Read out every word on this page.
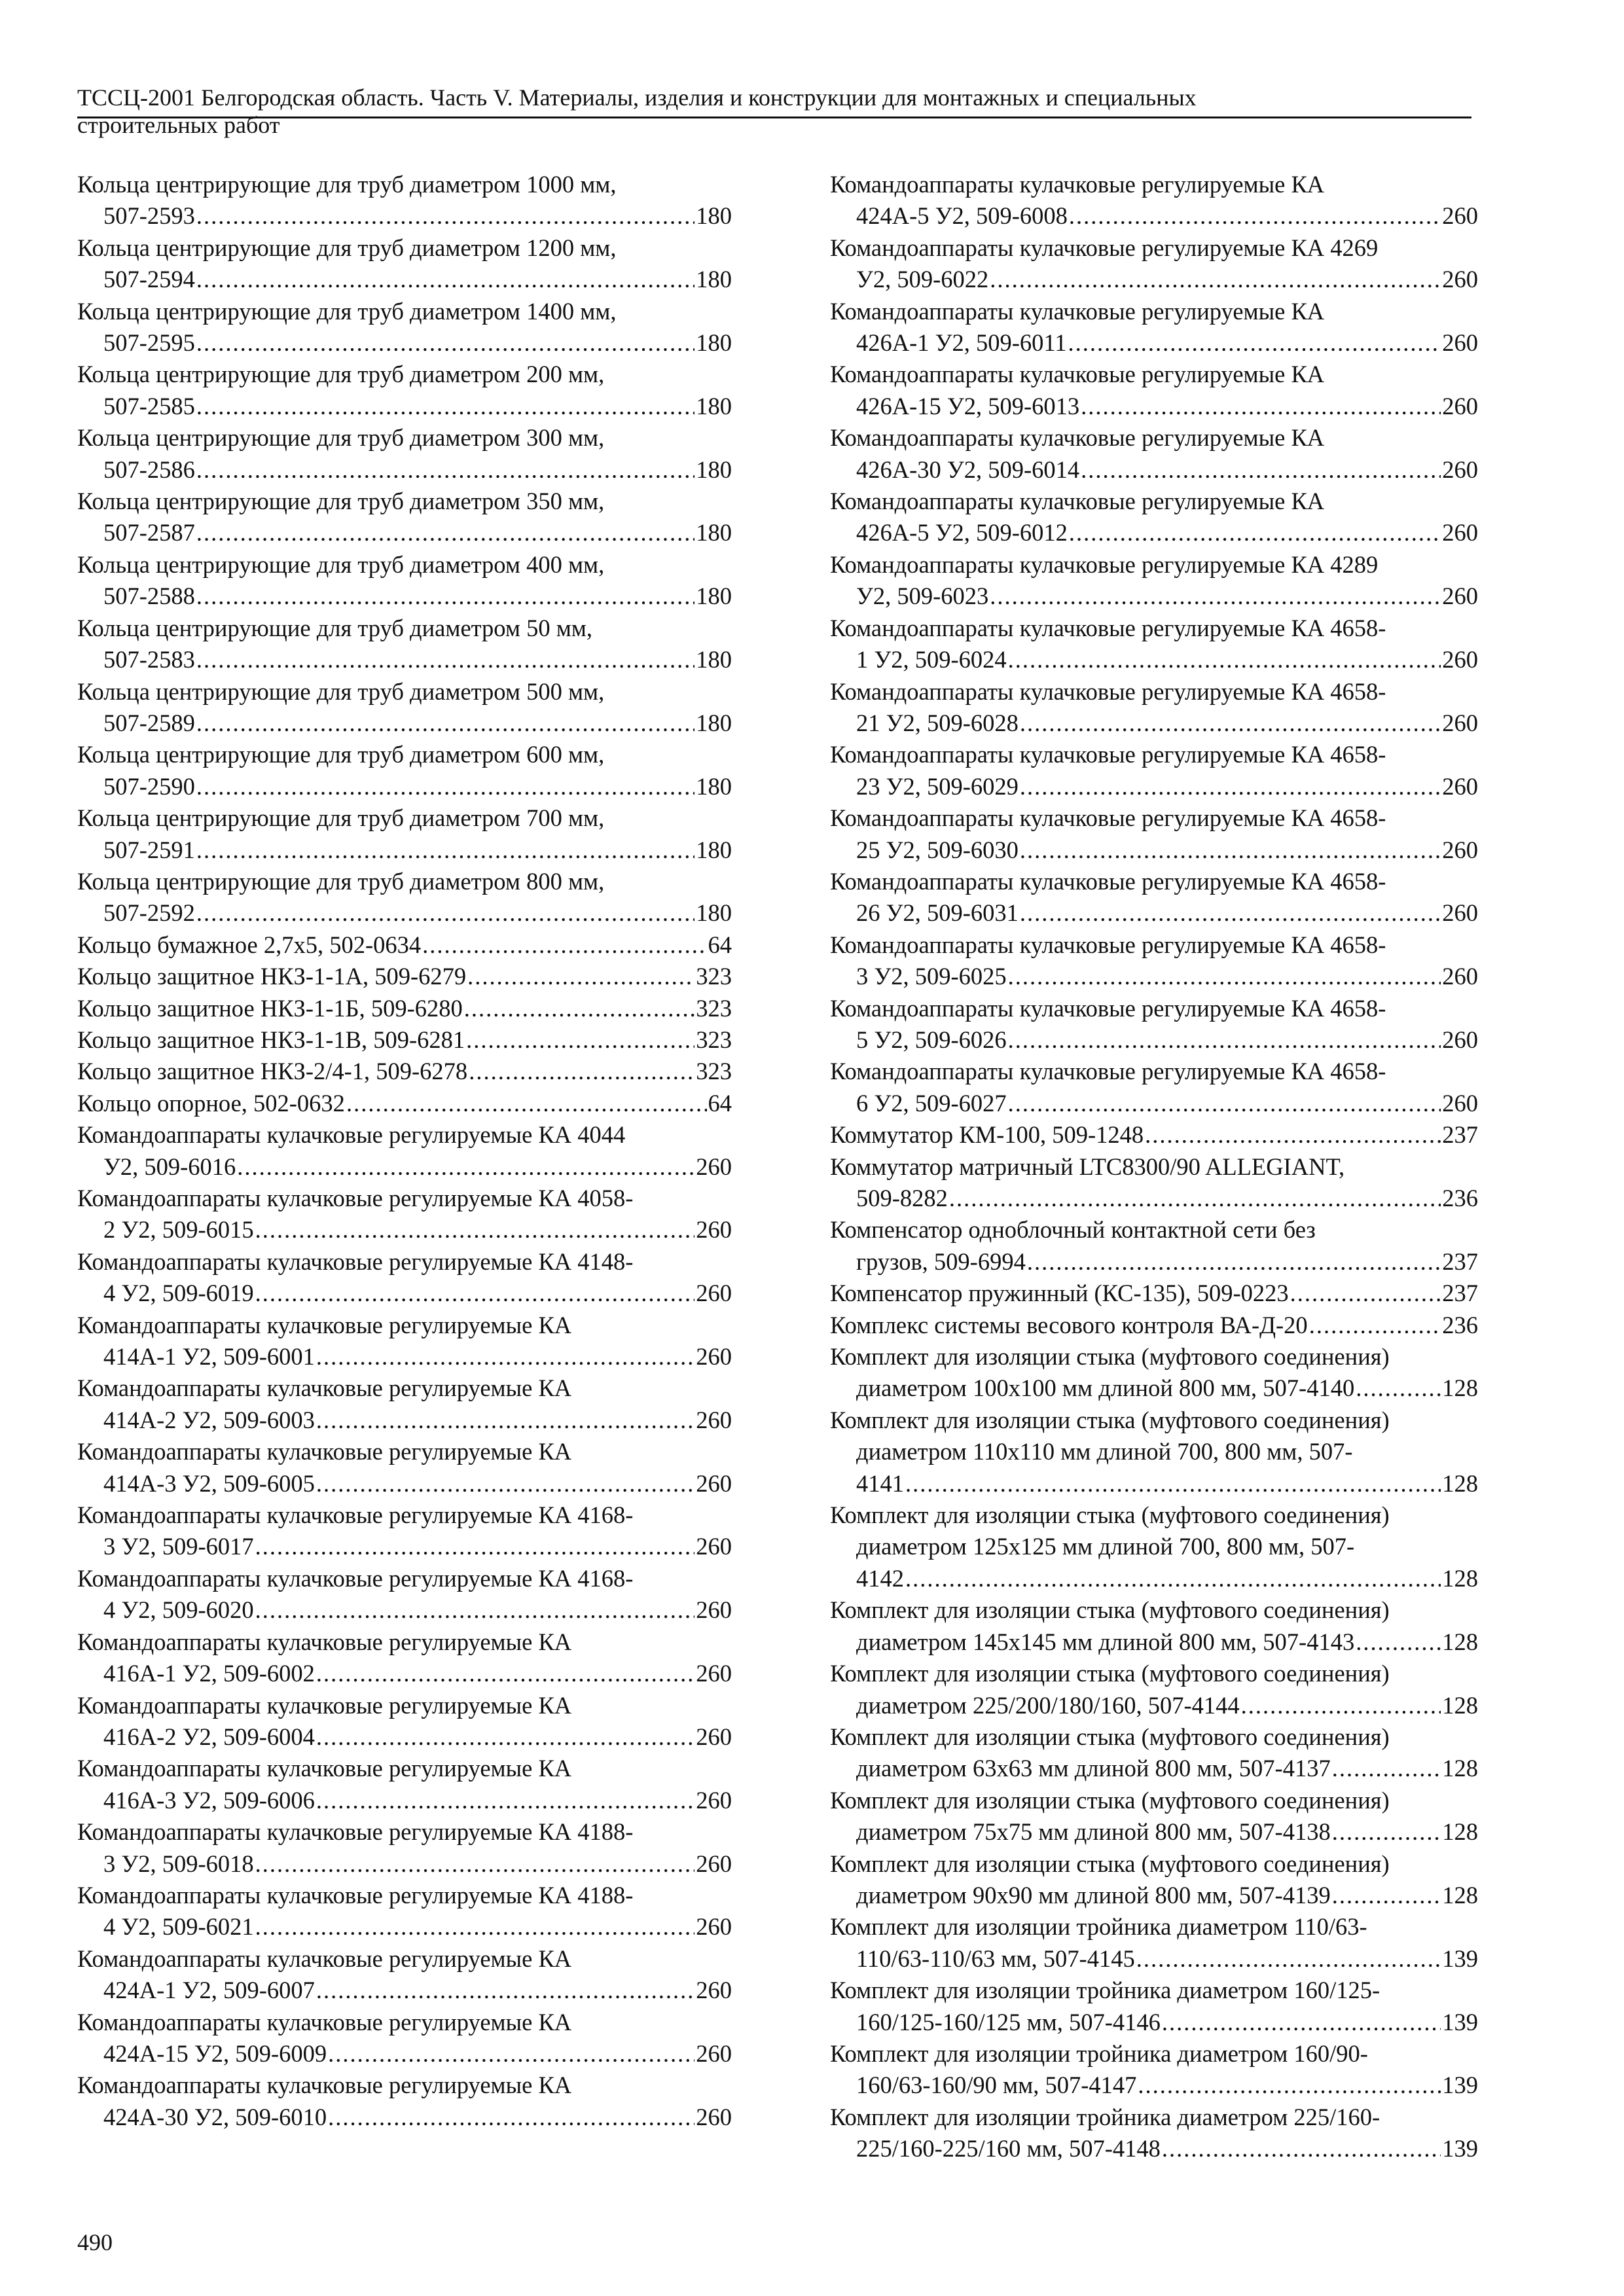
ТССЦ-2001 Белгородская область. Часть V. Материалы, изделия и конструкции для монтажных и специальных
строительных работ
Кольца центрирующие для труб диаметром 1000 мм,
507-2593 .....	180
Кольца центрирующие для труб диаметром 1200 мм,
507-2594 .....	180
Кольца центрирующие для труб диаметром 1400 мм,
507-2595 .....	180
Кольца центрирующие для труб диаметром 200 мм,
507-2585 .....	180
Кольца центрирующие для труб диаметром 300 мм,
507-2586 .....	180
Кольца центрирующие для труб диаметром 350 мм,
507-2587 .....	180
Кольца центрирующие для труб диаметром 400 мм,
507-2588 .....	180
Кольца центрирующие для труб диаметром 50 мм,
507-2583 .....	180
Кольца центрирующие для труб диаметром 500 мм,
507-2589 .....	180
Кольца центрирующие для труб диаметром 600 мм,
507-2590 .....	180
Кольца центрирующие для труб диаметром 700 мм,
507-2591 .....	180
Кольца центрирующие для труб диаметром 800 мм,
507-2592 .....	180
Кольцо бумажное 2,7х5, 502-0634 .....	64
Кольцо защитное НКЗ-1-1А, 509-6279 .....	323
Кольцо защитное НКЗ-1-1Б, 509-6280 .....	323
Кольцо защитное НКЗ-1-1В, 509-6281 .....	323
Кольцо защитное НКЗ-2/4-1, 509-6278 .....	323
Кольцо опорное, 502-0632 .....	64
Командоаппараты кулачковые регулируемые КА 4044
У2, 509-6016 .....	260
Командоаппараты кулачковые регулируемые КА 4058-
2 У2, 509-6015 .....	260
Командоаппараты кулачковые регулируемые КА 4148-
4 У2, 509-6019 .....	260
Командоаппараты кулачковые регулируемые КА
414А-1 У2, 509-6001 .....	260
Командоаппараты кулачковые регулируемые КА
414А-2 У2, 509-6003 .....	260
Командоаппараты кулачковые регулируемые КА
414А-3 У2, 509-6005 .....	260
Командоаппараты кулачковые регулируемые КА 4168-
3 У2, 509-6017 .....	260
Командоаппараты кулачковые регулируемые КА 4168-
4 У2, 509-6020 .....	260
Командоаппараты кулачковые регулируемые КА
416А-1 У2, 509-6002 .....	260
Командоаппараты кулачковые регулируемые КА
416А-2 У2, 509-6004 .....	260
Командоаппараты кулачковые регулируемые КА
416А-3 У2, 509-6006 .....	260
Командоаппараты кулачковые регулируемые КА 4188-
3 У2, 509-6018 .....	260
Командоаппараты кулачковые регулируемые КА 4188-
4 У2, 509-6021 .....	260
Командоаппараты кулачковые регулируемые КА
424А-1 У2, 509-6007 .....	260
Командоаппараты кулачковые регулируемые КА
424А-15 У2, 509-6009 .....	260
Командоаппараты кулачковые регулируемые КА
424А-30 У2, 509-6010 .....	260
Командоаппараты кулачковые регулируемые КА
424А-5 У2, 509-6008 .....	260
Командоаппараты кулачковые регулируемые КА 4269
У2, 509-6022 .....	260
Командоаппараты кулачковые регулируемые КА
426А-1 У2, 509-6011 .....	260
Командоаппараты кулачковые регулируемые КА
426А-15 У2, 509-6013 .....	260
Командоаппараты кулачковые регулируемые КА
426А-30 У2, 509-6014 .....	260
Командоаппараты кулачковые регулируемые КА
426А-5 У2, 509-6012 .....	260
Командоаппараты кулачковые регулируемые КА 4289
У2, 509-6023 .....	260
Командоаппараты кулачковые регулируемые КА 4658-
1 У2, 509-6024 .....	260
Командоаппараты кулачковые регулируемые КА 4658-
21 У2, 509-6028 .....	260
Командоаппараты кулачковые регулируемые КА 4658-
23 У2, 509-6029 .....	260
Командоаппараты кулачковые регулируемые КА 4658-
25 У2, 509-6030 .....	260
Командоаппараты кулачковые регулируемые КА 4658-
26 У2, 509-6031 .....	260
Командоаппараты кулачковые регулируемые КА 4658-
3 У2, 509-6025 .....	260
Командоаппараты кулачковые регулируемые КА 4658-
5 У2, 509-6026 .....	260
Командоаппараты кулачковые регулируемые КА 4658-
6 У2, 509-6027 .....	260
Коммутатор КМ-100, 509-1248 .....	237
Коммутатор матричный LTC8300/90 ALLEGIANT,
509-8282 .....	236
Компенсатор одноблочный контактной сети без
грузов, 509-6994 .....	237
Компенсатор пружинный (КС-135), 509-0223 .....	237
Комплекс системы весового контроля ВА-Д-20 .....	236
Комплект для изоляции стыка (муфтового соединения)
диаметром 100х100 мм длиной 800 мм, 507-4140 .....	128
Комплект для изоляции стыка (муфтового соединения)
диаметром 110х110 мм длиной 700, 800 мм, 507-
4141 .....	128
Комплект для изоляции стыка (муфтового соединения)
диаметром 125х125 мм длиной 700, 800 мм, 507-
4142 .....	128
Комплект для изоляции стыка (муфтового соединения)
диаметром 145х145 мм длиной 800 мм, 507-4143 .....	128
Комплект для изоляции стыка (муфтового соединения)
диаметром 225/200/180/160, 507-4144 .....	128
Комплект для изоляции стыка (муфтового соединения)
диаметром 63х63 мм длиной 800 мм, 507-4137 .....	128
Комплект для изоляции стыка (муфтового соединения)
диаметром 75х75 мм длиной 800 мм, 507-4138 .....	128
Комплект для изоляции стыка (муфтового соединения)
диаметром 90х90 мм длиной 800 мм, 507-4139 .....	128
Комплект для изоляции тройника диаметром 110/63-
110/63-110/63 мм, 507-4145 .....	139
Комплект для изоляции тройника диаметром 160/125-
160/125-160/125 мм, 507-4146 .....	139
Комплект для изоляции тройника диаметром 160/90-
160/63-160/90 мм, 507-4147 .....	139
Комплект для изоляции тройника диаметром 225/160-
225/160-225/160 мм, 507-4148 .....	139
490
